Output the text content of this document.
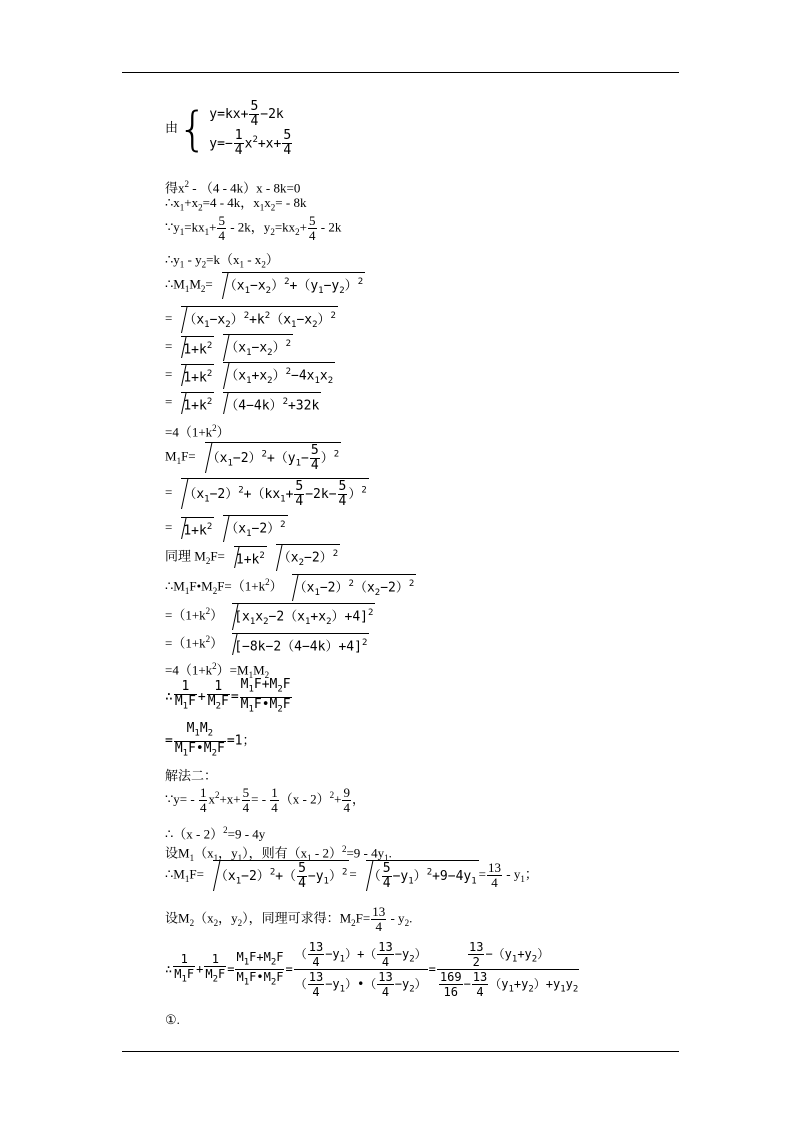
由{ $y=kx+ \frac{5}{4} -2k$
$y=- \frac{1}{4} x^2+x+ \frac{5}{4}$
得$x^2 - (4 - 4k)x - 8k=0$
$\therefore x_1+x_2=4 - 4k$，$x_1x_2= - 8k$
$\because y_1=kx_1+ \frac{5}{4} - 2k$，$y_2=kx_2+ \frac{5}{4} - 2k$
$\therefore y_1 - y_2=k(x_1 - x_2)$
$\therefore M_1M_2= (x_1-x_2)^2+(y_1-y_2)^2$
= $(x_1-x_2)^2+k^2(x_1-x_2)^2$
= $1+k^2$ $(x_1-x_2)^2$
= $1+k^2$ $(x_1+x_2)^2-4x_1x_2$
= $1+k^2$ $(4-4k)^2+32k$
$=4(1+k^2)$
$M_1F= (x_1-2)^2+(y_1- \frac{5}{4} )^2$
= $(x_1-2)^2+(kx_1+ \frac{5}{4} -2k- \frac{5}{4} )^2$
= $1+k^2$ $(x_1-2)^2$
同理 $M_2F= 1+k^2$ $(x_2-2)^2$
$\therefore M_1F•M_2F=(1+k^2)$ $(x_1-2)^2(x_2-2)^2$
$=(1+k^2)$ $[x_1x_2-2(x_1+x_2)+4]^2$
$=(1+k^2)$ $[-8k-2(4-4k)+4]^2$
$=4(1+k^2)=M_1M_2$
∴ $\frac{1}{M_1F} + \frac{1}{M_2F} = \frac{M_1F+M_2F}{M_1F•M_2F}$
= $\frac{M_1M_2}{M_1F•M_2F} =1$；
解法二：
∵y= - $\frac{1}{4} x^2+x+ \frac{5}{4}$ = - $\frac{1}{4} (x - 2)^2+ \frac{9}{4}$ ，
∴（x - 2）$^2$=9 - 4y
设$M_1(x_1$，$y_1$），则有$(x_1 - 2)^2=9 - 4y_1$.
$\therefore M_1F= (x_1-2)^2+( \frac{5}{4} -y_1)^2$ = （ $\frac{5}{4} -y_1)^2+9-4y_1= \frac{13}{4} - y_1$；
设$M_2(x_2$，$y_2$），同理可求得：$M_2F= \frac{13}{4} - y_2$.
∴ $\frac{1}{M_1F} + \frac{1}{M_2F} = \frac{M_1F+M_2F}{M_1F•M_2F} = \frac{( \frac{13}{4} -y_1)+( \frac{13}{4} -y_2)}{( \frac{13}{4} -y_1)•( \frac{13}{4} -y_2)} = \frac{\frac{13}{2} -(y_1+y_2)}{\frac{169}{16} - \frac{13}{4} (y_1+y_2)+y_1y_2}$
①.
